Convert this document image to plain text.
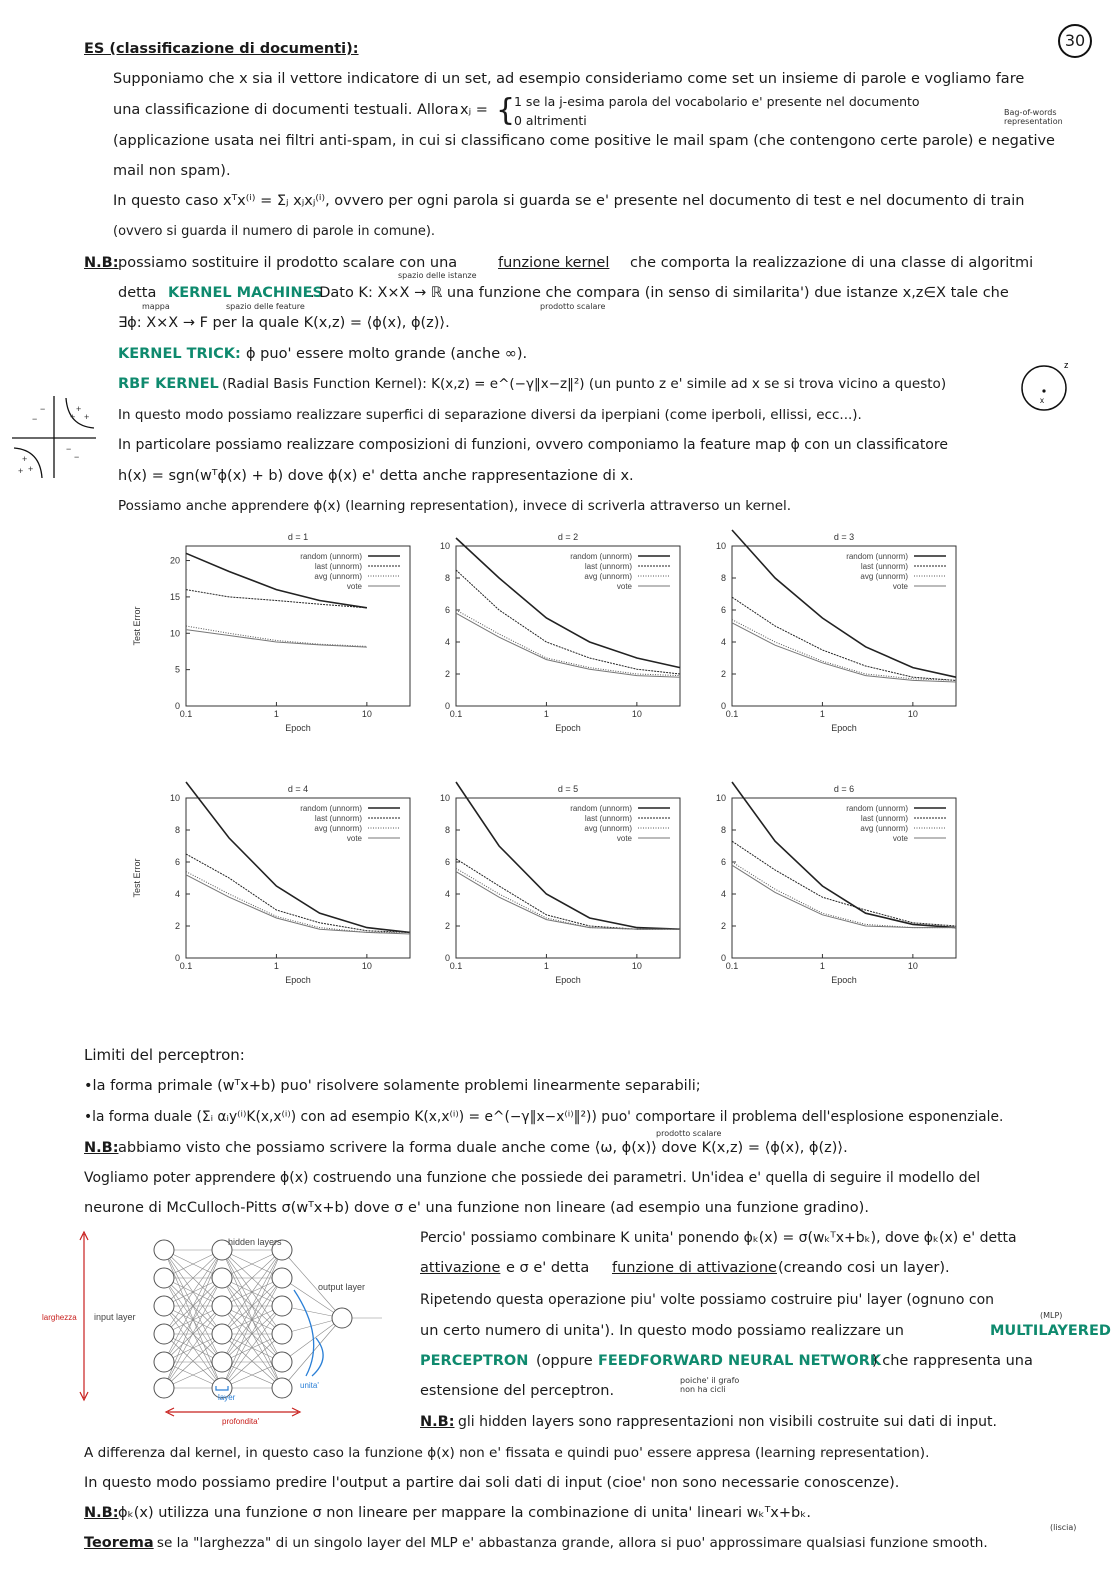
30
ES (classificazione di documenti):
Supponiamo che x sia il vettore indicatore di un set, ad esempio consideriamo come set un insieme di parole e vogliamo fare
una classificazione di documenti testuali. Allora xⱼ = {
1 se la j-esima parola del vocabolario e' presente nel documento
0 altrimenti
Bag-of-words representation
(applicazione usata nei filtri anti-spam, in cui si classificano come positive le mail spam (che contengono certe parole) e negative
mail non spam).
In questo caso xᵀx⁽ⁱ⁾ = Σⱼ xⱼxⱼ⁽ⁱ⁾, ovvero per ogni parola si guarda se e' presente nel documento di test e nel documento di train
(ovvero si guarda il numero di parole in comune).
N.B: possiamo sostituire il prodotto scalare con una	funzione kernel che comporta la realizzazione di una classe di algoritmi
spazio delle istanze
detta KERNEL MACHINES
. Dato K: X×X → ℝ una funzione che compara (in senso di similarita') due istanze x,z∈X tale che
mappa	spazio delle feature	prodotto scalare
∃ϕ: X×X → F per la quale K(x,z) = ⟨ϕ(x), ϕ(z)⟩.
KERNEL TRICK: ϕ puo' essere molto grande (anche ∞).
RBF KERNEL (Radial Basis Function Kernel): K(x,z) = e^(−γ‖x−z‖²) (un punto z e' simile ad x se si trova vicino a questo)
x
z
+
+
+
+
+
+
−
−
−
−
In questo modo possiamo realizzare superfici di separazione diversi da iperpiani (come iperboli, ellissi, ecc...).
In particolare possiamo realizzare composizioni di funzioni, ovvero componiamo la feature map ϕ con un classificatore
h(x) = sgn(wᵀϕ(x) + b) dove ϕ(x) e' detta anche rappresentazione di x.
Possiamo anche apprendere ϕ(x) (learning representation), invece di scriverla attraverso un kernel.
d = 1
0
5
10
15
20
0.1	1	10
Epoch
Test Error
random (unnorm)
last (unnorm)
avg (unnorm)
vote
d = 2
0
2
4
6
8
10
0.1	1	10
Epoch
random (unnorm)
last (unnorm)
avg (unnorm)
vote
d = 3
0
2
4
6
8
10
0.1	1	10
Epoch
random (unnorm)
last (unnorm)
avg (unnorm)
vote
d = 4
0
2
4
6
8
10
0.1	1	10
Epoch
Test Error
random (unnorm)
last (unnorm)
avg (unnorm)
vote
d = 5
0
2
4
6
8
10
0.1	1	10
Epoch
random (unnorm)
last (unnorm)
avg (unnorm)
vote
d = 6
0
2
4
6
8
10
0.1	1	10
Epoch
random (unnorm)
last (unnorm)
avg (unnorm)
vote
Limiti del perceptron:
•la forma primale (wᵀx+b) puo' risolvere solamente problemi linearmente separabili;
•la forma duale (Σᵢ αᵢy⁽ⁱ⁾K(x,x⁽ⁱ⁾) con ad esempio K(x,x⁽ⁱ⁾) = e^(−γ‖x−x⁽ⁱ⁾‖²)) puo' comportare il problema dell'esplosione esponenziale.
prodotto scalare
N.B: abbiamo visto che possiamo scrivere la forma duale anche come ⟨ω, ϕ(x)⟩ dove K(x,z) = ⟨ϕ(x), ϕ(z)⟩.
Vogliamo poter apprendere ϕ(x) costruendo una funzione che possiede dei parametri. Un'idea e' quella di seguire il modello del
neurone di McCulloch-Pitts σ(wᵀx+b) dove σ e' una funzione non lineare (ad esempio una funzione gradino).
hidden layers
input layer
output layer
larghezza
profondita'
layer
unita'
Percio' possiamo combinare K unita' ponendo ϕₖ(x) = σ(wₖᵀx+bₖ), dove ϕₖ(x) e' detta
attivazione e σ e' detta funzione di attivazione (creando cosi un layer).
Ripetendo questa operazione piu' volte possiamo costruire piu' layer (ognuno con
(MLP)
un certo numero di unita'). In questo modo possiamo realizzare un	MULTILAYERED
PERCEPTRON (oppure FEEDFORWARD NEURAL NETWORK
) che rappresenta una
estensione del perceptron.
poiche' il grafo non ha cicli
N.B: gli hidden layers sono rappresentazioni non visibili costruite sui dati di input.
A differenza dal kernel, in questo caso la funzione ϕ(x) non e' fissata e quindi puo' essere appresa (learning representation).
In questo modo possiamo predire l'output a partire dai soli dati di input (cioe' non sono necessarie conoscenze).
N.B: ϕₖ(x) utilizza una funzione σ non lineare per mappare la combinazione di unita' lineari wₖᵀx+bₖ.
(liscia)
Teorema
: se la "larghezza" di un singolo layer del MLP e' abbastanza grande, allora si puo' approssimare qualsiasi funzione smooth.
